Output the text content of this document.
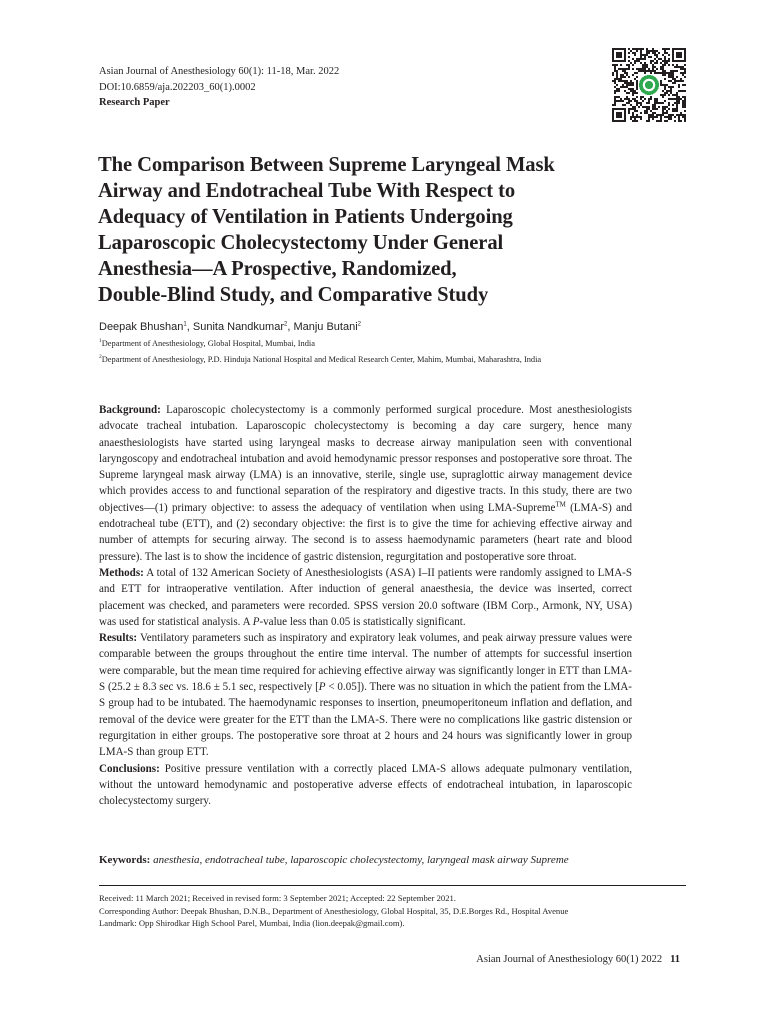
Asian Journal of Anesthesiology 60(1): 11-18, Mar. 2022
DOI:10.6859/aja.202203_60(1).0002
Research Paper
The Comparison Between Supreme Laryngeal Mask
Airway and Endotracheal Tube With Respect to
Adequacy of Ventilation in Patients Undergoing
Laparoscopic Cholecystectomy Under General
Anesthesia—A Prospective, Randomized,
Double-Blind Study, and Comparative Study
Deepak Bhushan$^1$, Sunita Nandkumar$^2$, Manju Butani$^2$
$^1$Department of Anesthesiology, Global Hospital, Mumbai, India
$^2$Department of Anesthesiology, P.D. Hinduja National Hospital and Medical Research Center, Mahim, Mumbai, Maharashtra, India

Background: Laparoscopic cholecystectomy is a commonly performed surgical procedure. Most anesthesiologists advocate tracheal intubation. Laparoscopic cholecystectomy is becoming a day care surgery, hence many anaesthesiologists have started using laryngeal masks to decrease airway manipulation seen with conventional laryngoscopy and endotracheal intubation and avoid hemodynamic pressor responses and postoperative sore throat. The Supreme laryngeal mask airway (LMA) is an innovative, sterile, single use, supraglottic airway management device which provides access to and functional separation of the respiratory and digestive tracts. In this study, there are two objectives—(1) primary objective: to assess the adequacy of ventilation when using LMA-Supreme™ (LMA-S) and endotracheal tube (ETT), and (2) secondary objective: the first is to give the time for achieving effective airway and number of attempts for securing airway. The second is to assess haemodynamic parameters (heart rate and blood pressure). The last is to show the incidence of gastric distension, regurgitation and postoperative sore throat.

Methods: A total of 132 American Society of Anesthesiologists (ASA) I–II patients were randomly assigned to LMA-S and ETT for intraoperative ventilation. After induction of general anaesthesia, the device was inserted, correct placement was checked, and parameters were recorded. SPSS version 20.0 software (IBM Corp., Armonk, NY, USA) was used for statistical analysis. A P-value less than 0.05 is statistically significant.

Results: Ventilatory parameters such as inspiratory and expiratory leak volumes, and peak airway pressure values were comparable between the groups throughout the entire time interval. The number of attempts for successful insertion were comparable, but the mean time required for achieving effective airway was significantly longer in ETT than LMA-S (25.2 ± 8.3 sec vs. 18.6 ± 5.1 sec, respectively [P < 0.05]). There was no situation in which the patient from the LMA-S group had to be intubated. The haemodynamic responses to insertion, pneumoperitoneum inflation and deflation, and removal of the device were greater for the ETT than the LMA-S. There were no complications like gastric distension or regurgitation in either groups. The postoperative sore throat at 2 hours and 24 hours was significantly lower in group LMA-S than group ETT.

Conclusions: Positive pressure ventilation with a correctly placed LMA-S allows adequate pulmonary ventilation, without the untoward hemodynamic and postoperative adverse effects of endotracheal intubation, in laparoscopic cholecystectomy surgery.

Keywords: anesthesia, endotracheal tube, laparoscopic cholecystectomy, laryngeal mask airway Supreme
Received: 11 March 2021; Received in revised form: 3 September 2021; Accepted: 22 September 2021.
Corresponding Author: Deepak Bhushan, D.N.B., Department of Anesthesiology, Global Hospital, 35, D.E.Borges Rd., Hospital Avenue
Landmark: Opp Shirodkar High School Parel, Mumbai, India (lion.deepak@gmail.com).
Asian Journal of Anesthesiology 60(1) 2022 11
